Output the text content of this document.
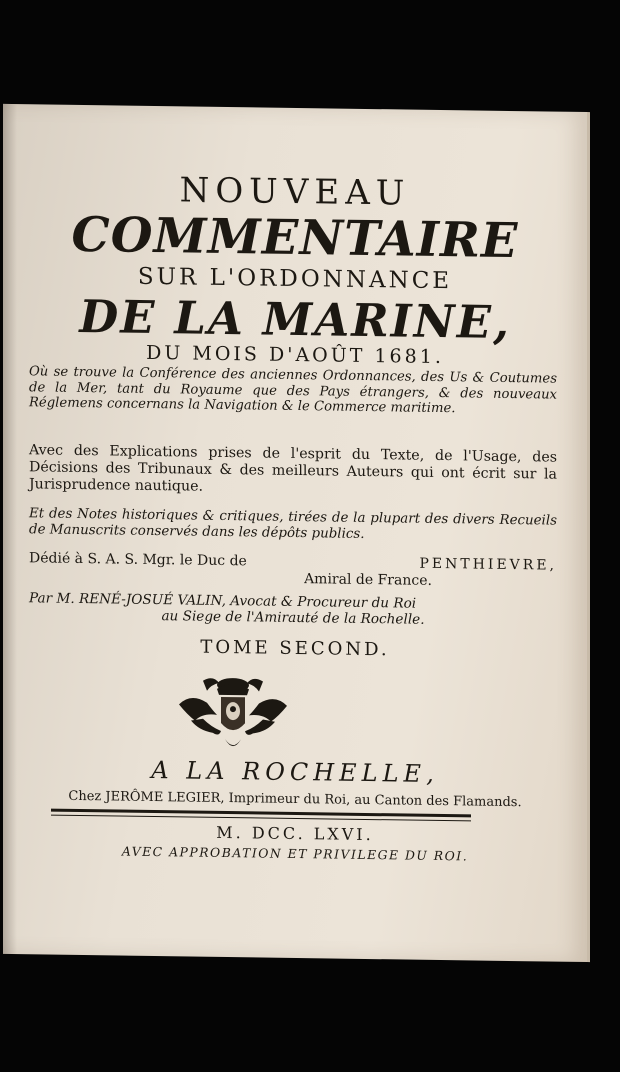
NOUVEAU
COMMENTAIRE
SUR L'ORDONNANCE
DE LA MARINE,
DU MOIS D'AOÛT 1681.
Où se trouve la Conférence des anciennes Ordonnances, des Us & Coutumes de la Mer, tant du Royaume que des Pays étrangers, & des nouveaux Réglemens concernans la Navigation & le Commerce maritime.
Avec des Explications prises de l'esprit du Texte, de l'Usage, des Décisions des Tribunaux & des meilleurs Auteurs qui ont écrit sur la Jurisprudence nautique.
Et des Notes historiques & critiques, tirées de la plupart des divers Recueils de Manuscrits conservés dans les dépôts publics.
Dédié à S. A. S. Mgr. le Duc de	PENTHIEVRE,
Amiral de France.
Par M. RENÉ-JOSUÉ VALIN, Avocat & Procureur du Roi
au Siege de l'Amirauté de la Rochelle.
TOME SECOND.
A LA ROCHELLE,
Chez JERÔME LEGIER, Imprimeur du Roi, au Canton des Flamands.
M. DCC. LXVI.
AVEC APPROBATION ET PRIVILEGE DU ROI.
